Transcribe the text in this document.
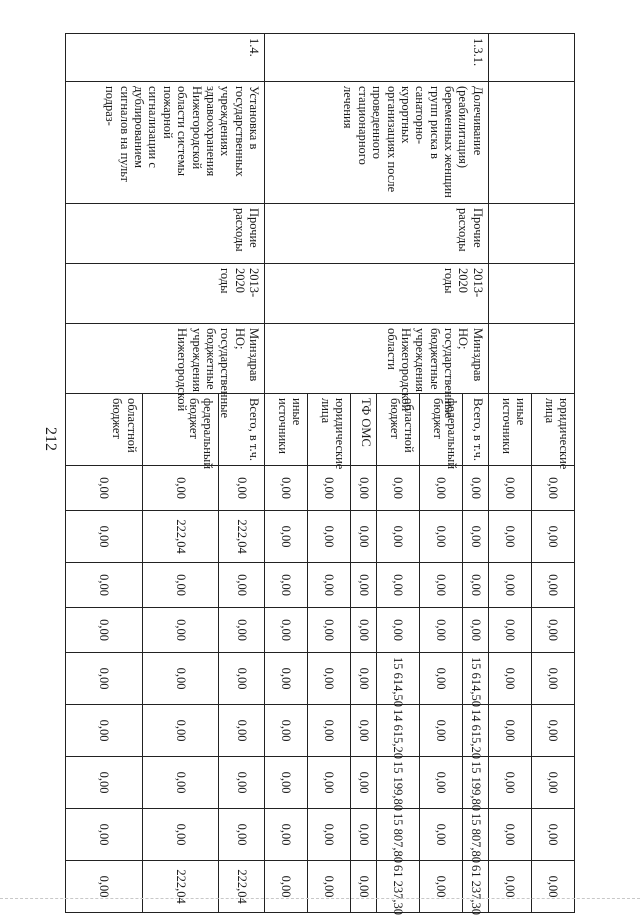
212
						юридические лица	0,00	0,00	0,00	0,00	0,00	0,00	0,00	0,00	0,00
					иные источники	0,00	0,00	0,00	0,00	0,00	0,00	0,00	0,00	0,00
1.3.1.	Долечивание (реабилитация) беременных женщин групп риска в санаторно-курортных организациях после проведенного стационарного лечения	Прочие расходы	2013-2020 годы	Минздрав НО; государственные бюджетные учреждения Нижегородской области	Всего, в т.ч.	0,00	0,00	0,00	0,00	15 614,50	14 615,20	15 199,80	15 807,80	61 237,30
					федеральный бюджет	0,00	0,00	0,00	0,00	0,00	0,00	0,00	0,00	0,00
					областной бюджет	0,00	0,00	0,00	0,00	15 614,50	14 615,20	15 199,80	15 807,80	61 237,30
					ТФ ОМС	0,00	0,00	0,00	0,00	0,00	0,00	0,00	0,00	0,00
					юридические лица	0,00	0,00	0,00	0,00	0,00	0,00	0,00	0,00	0,00
					иные источники	0,00	0,00	0,00	0,00	0,00	0,00	0,00	0,00	0,00
1.4.	Установка в государственных учреждениях здравоохранения Нижегородской области системы пожарной сигнализации с дублированием сигналов на пульт подраз-	Прочие расходы	2013-2020 годы	Минздрав НО; государственные бюджетные учреждения Нижегородской	Всего, в т.ч.	0,00	222,04	0,00	0,00	0,00	0,00	0,00	0,00	222,04
					федеральный бюджет	0,00	222,04	0,00	0,00	0,00	0,00	0,00	0,00	222,04
					областной бюджет	0,00	0,00	0,00	0,00	0,00	0,00	0,00	0,00	0,00
